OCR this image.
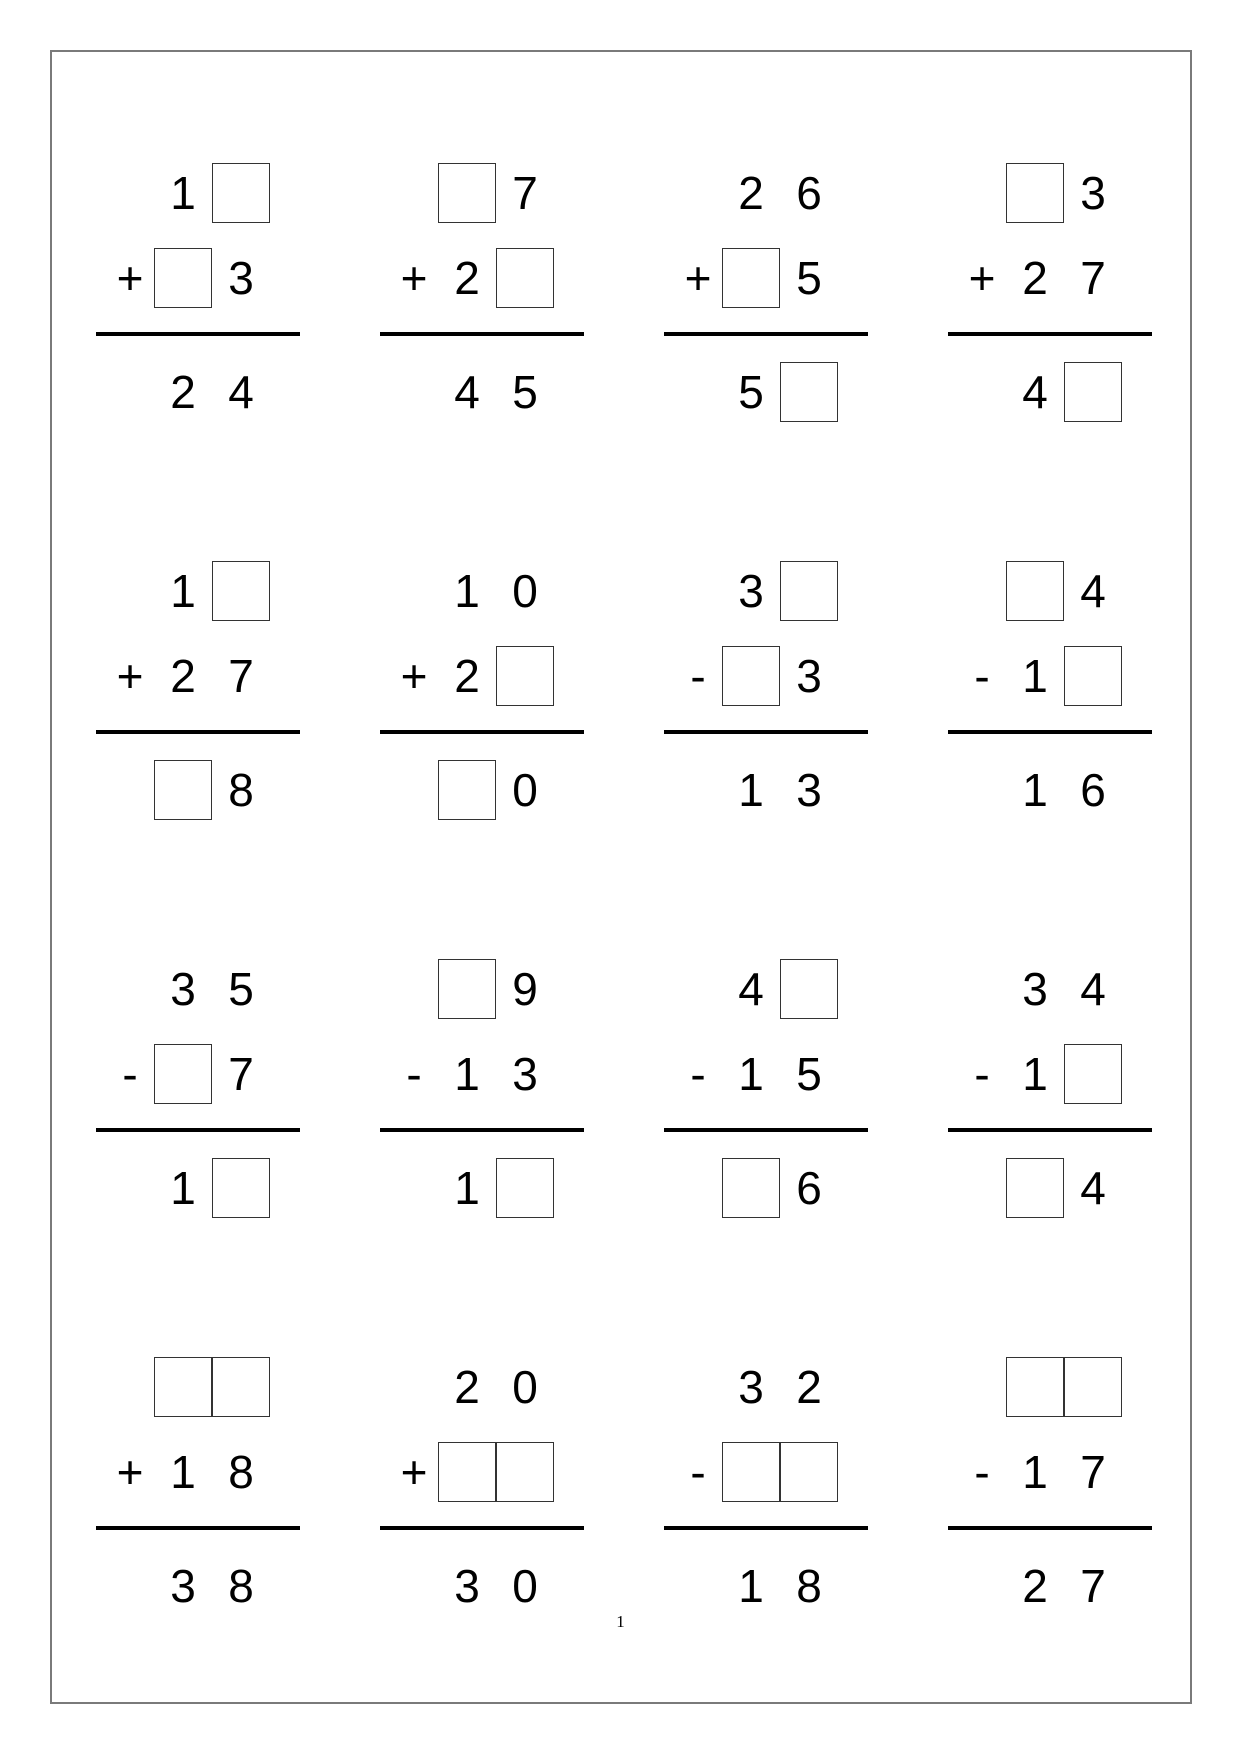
1
+	3
2 4
7
+ 2
4 5
2 6
+	5
5
3
+ 2 7
4
1
+ 2 7
8
1 0
+ 2
0
3
-	3
1 3
4
- 1
1 6
3 5
-	7
1
9
- 1 3
1
4
- 1 5
6
3 4
- 1
4
+ 1 8
3 8
2 0
+
3 0
3 2
-
1 8
- 1 7
2 7
1
